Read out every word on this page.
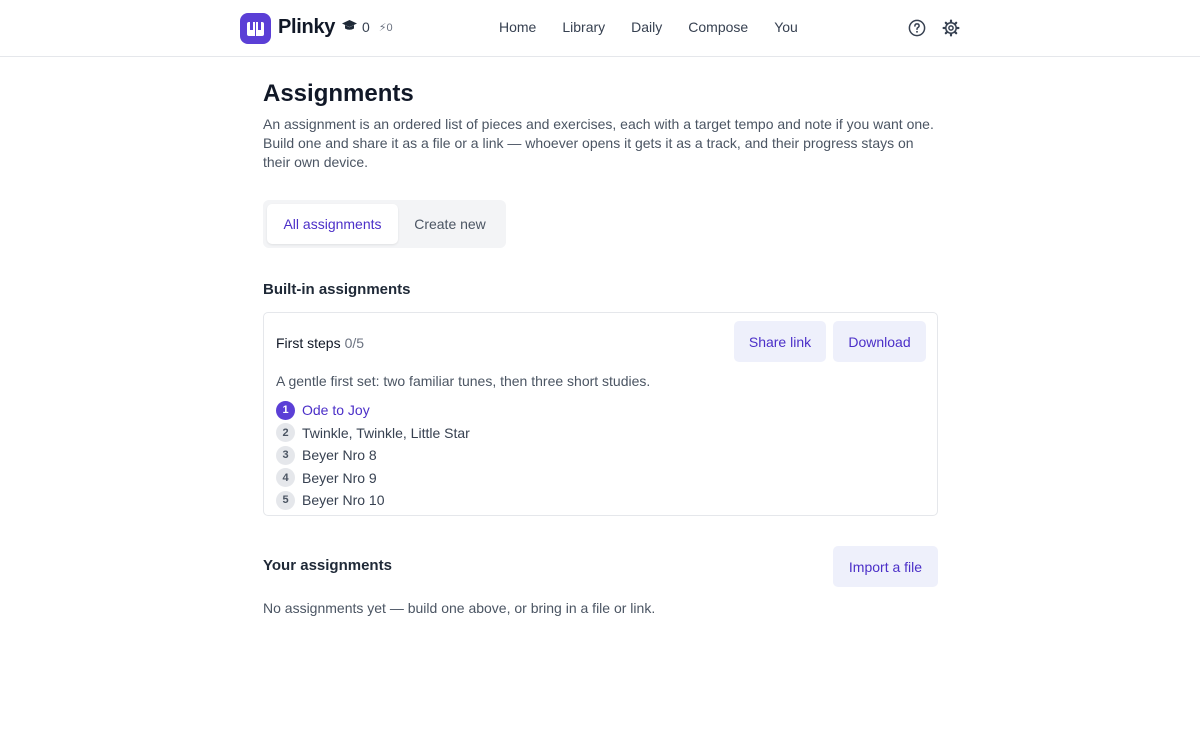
Plinky 0 ⚡0	Home Library Daily Compose You
Assignments

An assignment is an ordered list of pieces and exercises, each with a target tempo and note if you want one. Build one and share it as a file or a link — whoever opens it gets it as a track, and their progress stays on their own device.

All assignments	Create new
Built-in assignments
First steps 0/5	Share link	Download
A gentle first set: two familiar tunes, then three short studies.
1 Ode to Joy
2 Twinkle, Twinkle, Little Star
3 Beyer Nro 8
4 Beyer Nro 9
5 Beyer Nro 10
Your assignments	Import a file

No assignments yet — build one above, or bring in a file or link.
